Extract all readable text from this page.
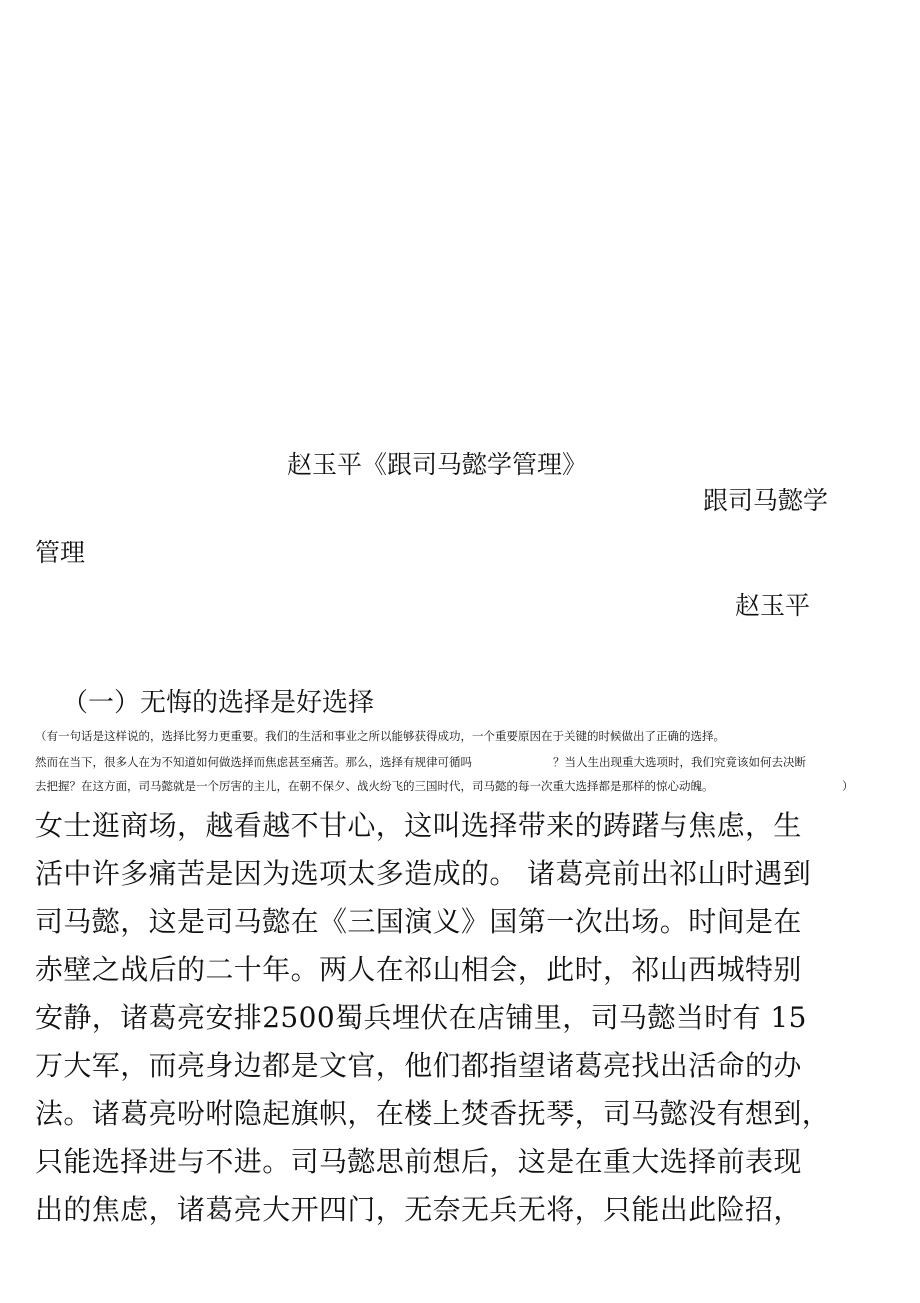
赵玉平《跟司马懿学管理》
跟司马懿学
管理
赵玉平
（一）无悔的选择是好选择
（有一句话是这样说的，选择比努力更重要。我们的生活和事业之所以能够获得成功，一个重要原因在于关键的时候做出了正确的选择。
然而在当下，很多人在为不知道如何做选择而焦虑甚至痛苦。那么，选择有规律可循吗	？当人生出现重大选项时，我们究竟该如何去决断
去把握？在这方面，司马懿就是一个厉害的主儿，在朝不保夕、战火纷飞的三国时代，司马懿的每一次重大选择都是那样的惊心动魄。	）
女士逛商场，越看越不甘心，这叫选择带来的踌躇与焦虑，生
活中许多痛苦是因为选项太多造成的。 诸葛亮前出祁山时遇到
司马懿，这是司马懿在《三国演义》国第一次出场。时间是在
赤壁之战后的二十年。两人在祁山相会，此时，祁山西城特别
安静，诸葛亮安排2500蜀兵埋伏在店铺里，司马懿当时有 15
万大军，而亮身边都是文官，他们都指望诸葛亮找出活命的办
法。诸葛亮吩咐隐起旗帜，在楼上焚香抚琴，司马懿没有想到，
只能选择进与不进。司马懿思前想后，这是在重大选择前表现
出的焦虑，诸葛亮大开四门，无奈无兵无将，只能出此险招，
